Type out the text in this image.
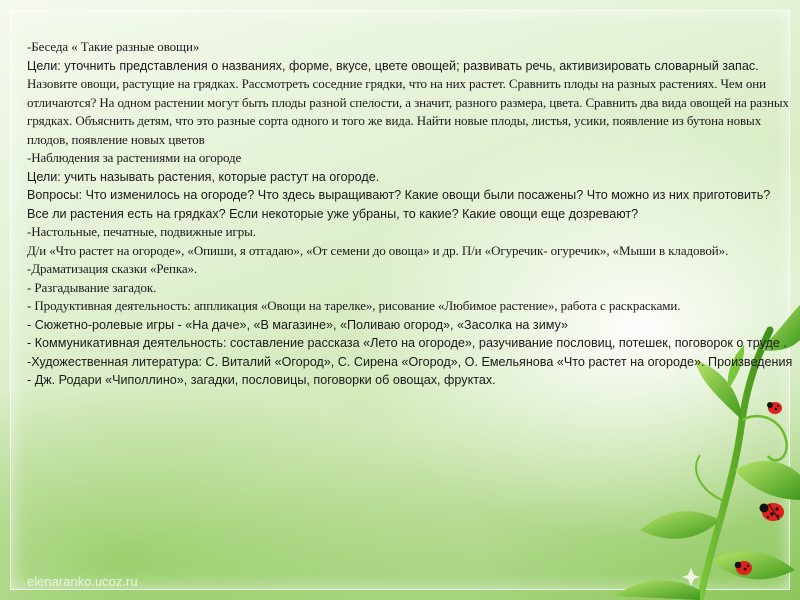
-Беседа « Такие разные овощи»

Цели: уточнить представления о названиях, форме, вкусе, цвете овощей; развивать речь, активизировать словарный запас.

Назовите овощи, растущие на грядках. Рассмотреть соседние грядки, что на них растет. Сравнить плоды на разных растениях. Чем они отличаются? На одном растении могут быть плоды разной спелости, а значит, разного размера, цвета. Сравнить два вида овощей на разных грядках. Объяснить детям, что это разные сорта одного и того же вида. Найти новые плоды, листья, усики, появление из бутона новых плодов, появление новых цветов

-Наблюдения за растениями на огороде

Цели: учить называть растения, которые растут на огороде.

Вопросы: Что изменилось на огороде? Что здесь выращивают? Какие овощи были посажены? Что можно из них приготовить? Все ли растения есть на грядках? Если некоторые уже убраны, то какие? Какие овощи еще дозревают?

-Настольные, печатные, подвижные игры.

Д/и «Что растет на огороде», «Опиши, я отгадаю», «От семени до овоща» и др. П/и «Огуречик- огуречик», «Мыши в кладовой».

-Драматизация сказки «Репка».

- Разгадывание загадок.

- Продуктивная деятельность: аппликация «Овощи на тарелке», рисование «Любимое растение», работа с раскрасками.

- Сюжетно-ролевые игры - «На даче», «В магазине», «Поливаю огород», «Засолка на зиму»

- Коммуникативная деятельность: составление рассказа «Лето на огороде», разучивание пословиц, потешек, поговорок о труде .

-Художественная литература: С. Виталий «Огород», С. Сирена «Огород», О. Емельянова «Что растет на огороде». Произведения - Дж. Родари «Чиполлино», загадки, пословицы, поговорки об овощах, фруктах.

elenaranko.ucoz.ru
